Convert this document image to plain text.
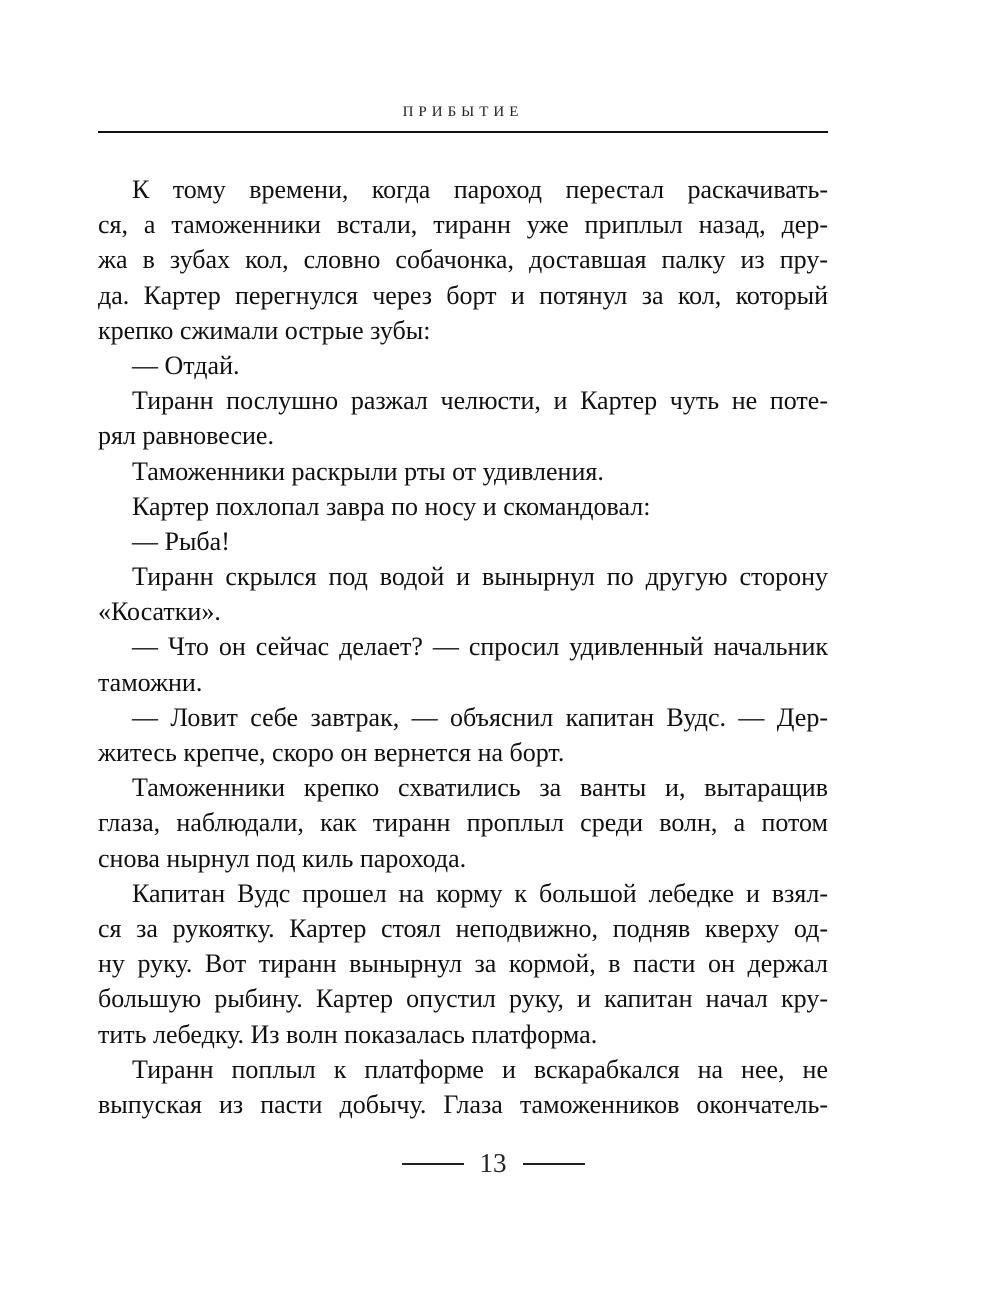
ПРИБЫТИЕ
К тому времени, когда пароход перестал раскачивать-
ся, а таможенники встали, тиранн уже приплыл назад, дер-
жа в зубах кол, словно собачонка, доставшая палку из пру-
да. Картер перегнулся через борт и потянул за кол, который
крепко сжимали острые зубы:
— Отдай.
Тиранн послушно разжал челюсти, и Картер чуть не поте-
рял равновесие.
Таможенники раскрыли рты от удивления.
Картер похлопал завра по носу и скомандовал:
— Рыба!
Тиранн скрылся под водой и вынырнул по другую сторону
«Косатки».
— Что он сейчас делает? — спросил удивленный начальник
таможни.
— Ловит себе завтрак, — объяснил капитан Вудс. — Дер-
житесь крепче, скоро он вернется на борт.
Таможенники крепко схватились за ванты и, вытаращив
глаза, наблюдали, как тиранн проплыл среди волн, а потом
снова нырнул под киль парохода.
Капитан Вудс прошел на корму к большой лебедке и взял-
ся за рукоятку. Картер стоял неподвижно, подняв кверху од-
ну руку. Вот тиранн вынырнул за кормой, в пасти он держал
большую рыбину. Картер опустил руку, и капитан начал кру-
тить лебедку. Из волн показалась платформа.
Тиранн поплыл к платформе и вскарабкался на нее, не
выпуская из пасти добычу. Глаза таможенников окончатель-
13
